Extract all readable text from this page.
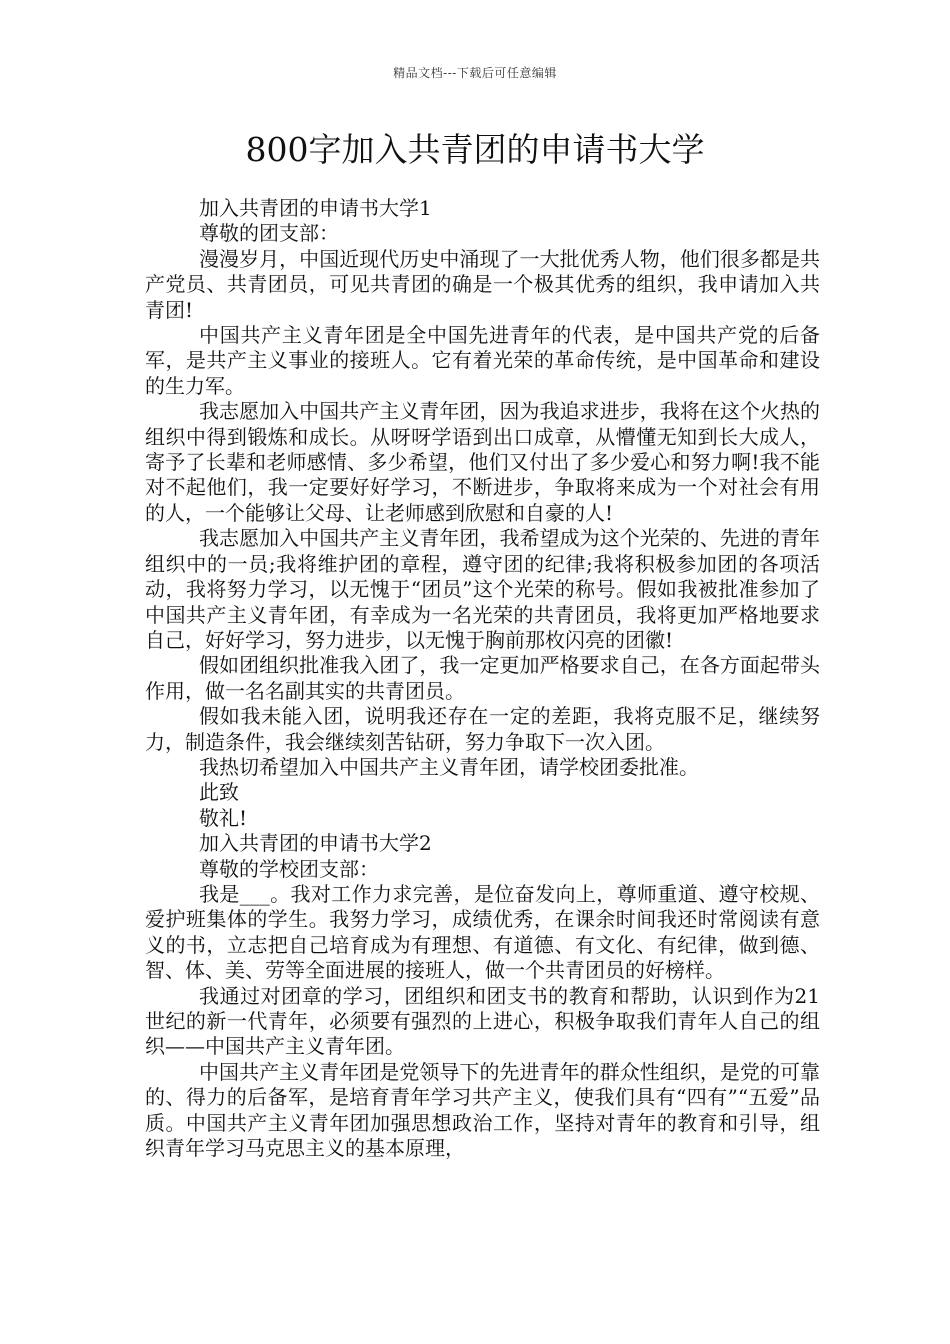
精品文档---下载后可任意编辑
800字加入共青团的申请书大学

加入共青团的申请书大学1

尊敬的团支部：

漫漫岁月，中国近现代历史中涌现了一大批优秀人物，他们很多都是共产党员、共青团员，可见共青团的确是一个极其优秀的组织，我申请加入共青团!

中国共产主义青年团是全中国先进青年的代表，是中国共产党的后备军，是共产主义事业的接班人。它有着光荣的革命传统，是中国革命和建设的生力军。

我志愿加入中国共产主义青年团，因为我追求进步，我将在这个火热的组织中得到锻炼和成长。从呀呀学语到出口成章，从懵懂无知到长大成人，寄予了长辈和老师感情、多少希望，他们又付出了多少爱心和努力啊!我不能对不起他们，我一定要好好学习，不断进步，争取将来成为一个对社会有用的人，一个能够让父母、让老师感到欣慰和自豪的人!

我志愿加入中国共产主义青年团，我希望成为这个光荣的、先进的青年组织中的一员;我将维护团的章程，遵守团的纪律;我将积极参加团的各项活动，我将努力学习，以无愧于“团员”这个光荣的称号。假如我被批准参加了中国共产主义青年团，有幸成为一名光荣的共青团员，我将更加严格地要求自己，好好学习，努力进步，以无愧于胸前那枚闪亮的团徽!

假如团组织批准我入团了，我一定更加严格要求自己，在各方面起带头作用，做一名名副其实的共青团员。

假如我未能入团，说明我还存在一定的差距，我将克服不足，继续努力，制造条件，我会继续刻苦钻研，努力争取下一次入团。

我热切希望加入中国共产主义青年团，请学校团委批准。

此致

敬礼!

加入共青团的申请书大学2

尊敬的学校团支部：

我是___。我对工作力求完善，是位奋发向上，尊师重道、遵守校规、爱护班集体的学生。我努力学习，成绩优秀，在课余时间我还时常阅读有意义的书，立志把自己培育成为有理想、有道德、有文化、有纪律，做到德、智、体、美、劳等全面进展的接班人，做一个共青团员的好榜样。

我通过对团章的学习，团组织和团支书的教育和帮助，认识到作为21世纪的新一代青年，必须要有强烈的上进心，积极争取我们青年人自己的组织——中国共产主义青年团。

中国共产主义青年团是党领导下的先进青年的群众性组织，是党的可靠的、得力的后备军，是培育青年学习共产主义，使我们具有“四有”“五爱”品质。中国共产主义青年团加强思想政治工作，坚持对青年的教育和引导，组织青年学习马克思主义的基本原理，
